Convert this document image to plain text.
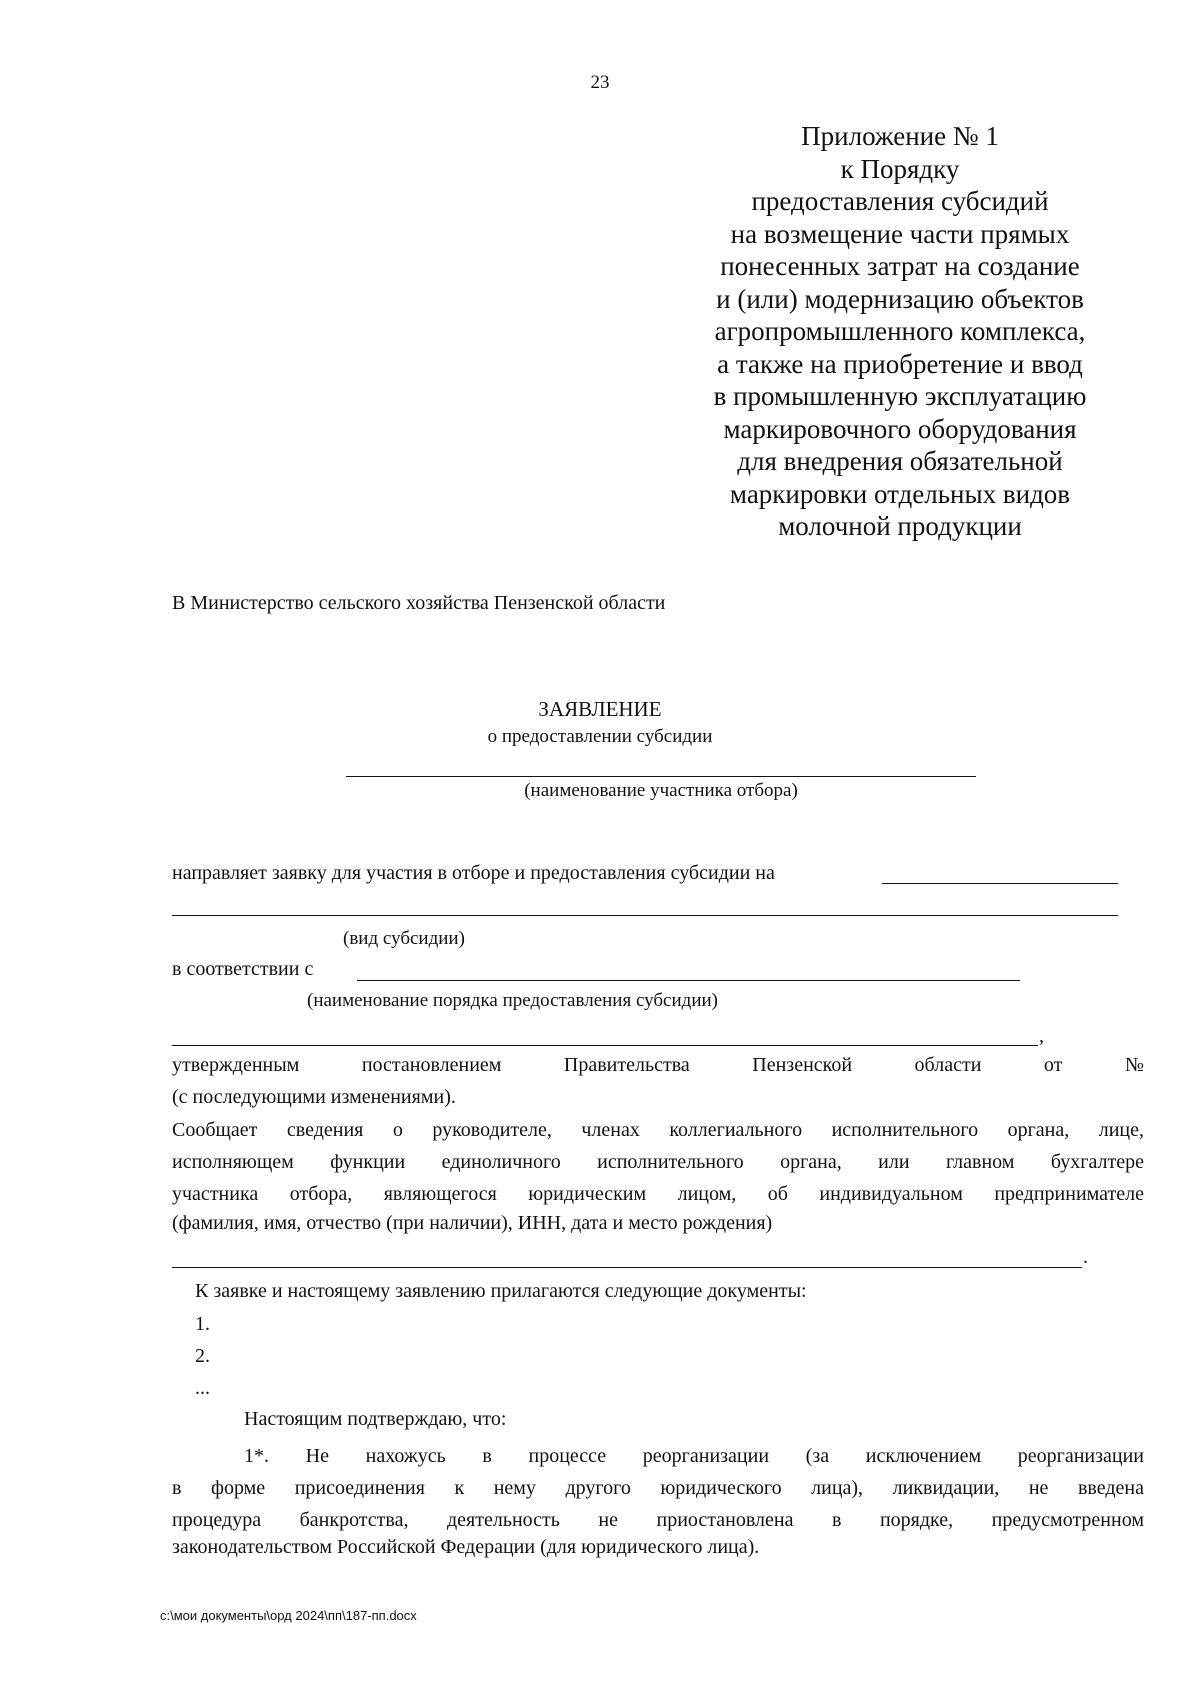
23
Приложение № 1
к Порядку
предоставления субсидий
на возмещение части прямых
понесенных затрат на создание
и (или) модернизацию объектов
агропромышленного комплекса,
а также на приобретение и ввод
в промышленную эксплуатацию
маркировочного оборудования
для внедрения обязательной
маркировки отдельных видов
молочной продукции
В Министерство сельского хозяйства Пензенской области
ЗАЯВЛЕНИЕ
о предоставлении субсидии
(наименование участника отбора)
направляет заявку для участия в отборе и предоставления субсидии на
(вид субсидии)
в соответствии с
(наименование порядка предоставления субсидии)
,
утвержденным	постановлением	Правительства	Пензенской	области	от	№
(с последующими изменениями).
Сообщает сведения о руководителе, членах коллегиального исполнительного органа, лице,
исполняющем функции единоличного исполнительного органа, или главном бухгалтере
участника отбора, являющегося юридическим лицом, об индивидуальном предпринимателе
(фамилия, имя, отчество (при наличии), ИНН, дата и место рождения)
.
К заявке и настоящему заявлению прилагаются следующие документы:
1.
2.
...
Настоящим подтверждаю, что:
1*. Не нахожусь в процессе реорганизации (за исключением реорганизации
в форме присоединения к нему другого юридического лица), ликвидации, не введена
процедура банкротства, деятельность не приостановлена в порядке, предусмотренном
законодательством Российской Федерации (для юридического лица).
c:\мои документы\орд 2024\пп\187-пп.docx
